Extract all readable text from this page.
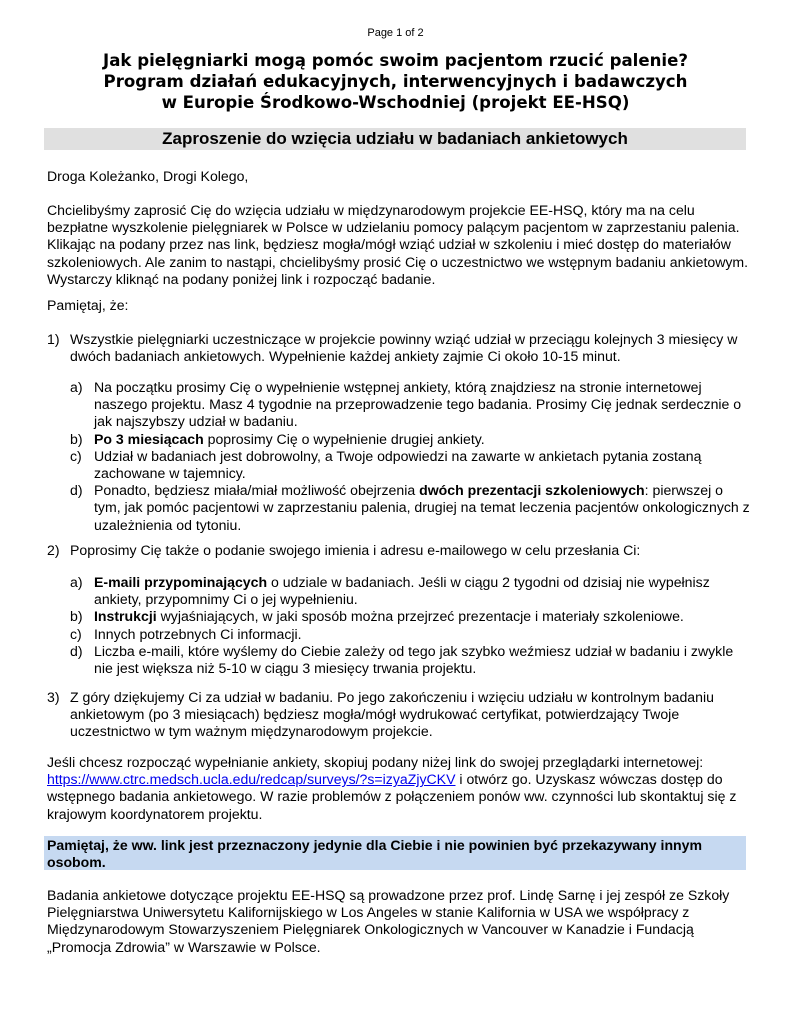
Page 1 of 2
Jak pielęgniarki mogą pomóc swoim pacjentom rzucić palenie?
Program działań edukacyjnych, interwencyjnych i badawczych
w Europie Środkowo-Wschodniej (projekt EE-HSQ)
Zaproszenie do wzięcia udziału w badaniach ankietowych
Droga Koleżanko, Drogi Kolego,
Chcielibyśmy zaprosić Cię do wzięcia udziału w międzynarodowym projekcie EE-HSQ, który ma na celu bezpłatne wyszkolenie pielęgniarek w Polsce w udzielaniu pomocy palącym pacjentom w zaprzestaniu palenia. Klikając na podany przez nas link, będziesz mogła/mógł wziąć udział w szkoleniu i mieć dostęp do materiałów szkoleniowych. Ale zanim to nastąpi, chcielibyśmy prosić Cię o uczestnictwo we wstępnym badaniu ankietowym. Wystarczy kliknąć na podany poniżej link i rozpocząć badanie.
Pamiętaj, że:
1) Wszystkie pielęgniarki uczestniczące w projekcie powinny wziąć udział w przeciągu kolejnych 3 miesięcy w dwóch badaniach ankietowych. Wypełnienie każdej ankiety zajmie Ci około 10-15 minut.
a) Na początku prosimy Cię o wypełnienie wstępnej ankiety, którą znajdziesz na stronie internetowej naszego projektu. Masz 4 tygodnie na przeprowadzenie tego badania. Prosimy Cię jednak serdecznie o jak najszybszy udział w badaniu.
b) Po 3 miesiącach poprosimy Cię o wypełnienie drugiej ankiety.
c) Udział w badaniach jest dobrowolny, a Twoje odpowiedzi na zawarte w ankietach pytania zostaną zachowane w tajemnicy.
d) Ponadto, będziesz miała/miał możliwość obejrzenia dwóch prezentacji szkoleniowych: pierwszej o tym, jak pomóc pacjentowi w zaprzestaniu palenia, drugiej na temat leczenia pacjentów onkologicznych z uzależnienia od tytoniu.
2) Poprosimy Cię także o podanie swojego imienia i adresu e-mailowego w celu przesłania Ci:
a) E-maili przypominających o udziale w badaniach. Jeśli w ciągu 2 tygodni od dzisiaj nie wypełnisz ankiety, przypomnimy Ci o jej wypełnieniu.
b) Instrukcji wyjaśniających, w jaki sposób można przejrzeć prezentacje i materiały szkoleniowe.
c) Innych potrzebnych Ci informacji.
d) Liczba e-maili, które wyślemy do Ciebie zależy od tego jak szybko weźmiesz udział w badaniu i zwykle nie jest większa niż 5-10 w ciągu 3 miesięcy trwania projektu.
3) Z góry dziękujemy Ci za udział w badaniu. Po jego zakończeniu i wzięciu udziału w kontrolnym badaniu ankietowym (po 3 miesiącach) będziesz mogła/mógł wydrukować certyfikat, potwierdzający Twoje uczestnictwo w tym ważnym międzynarodowym projekcie.
Jeśli chcesz rozpocząć wypełnianie ankiety, skopiuj podany niżej link do swojej przeglądarki internetowej: https://www.ctrc.medsch.ucla.edu/redcap/surveys/?s=izyaZjyCKV i otwórz go. Uzyskasz wówczas dostęp do wstępnego badania ankietowego. W razie problemów z połączeniem ponów ww. czynności lub skontaktuj się z krajowym koordynatorem projektu.
Pamiętaj, że ww. link jest przeznaczony jedynie dla Ciebie i nie powinien być przekazywany innym osobom.
Badania ankietowe dotyczące projektu EE-HSQ są prowadzone przez prof. Lindę Sarnę i jej zespół ze Szkoły Pielęgniarstwa Uniwersytetu Kalifornijskiego w Los Angeles w stanie Kalifornia w USA we współpracy z Międzynarodowym Stowarzyszeniem Pielęgniarek Onkologicznych w Vancouver w Kanadzie i Fundacją „Promocja Zdrowia” w Warszawie w Polsce.
